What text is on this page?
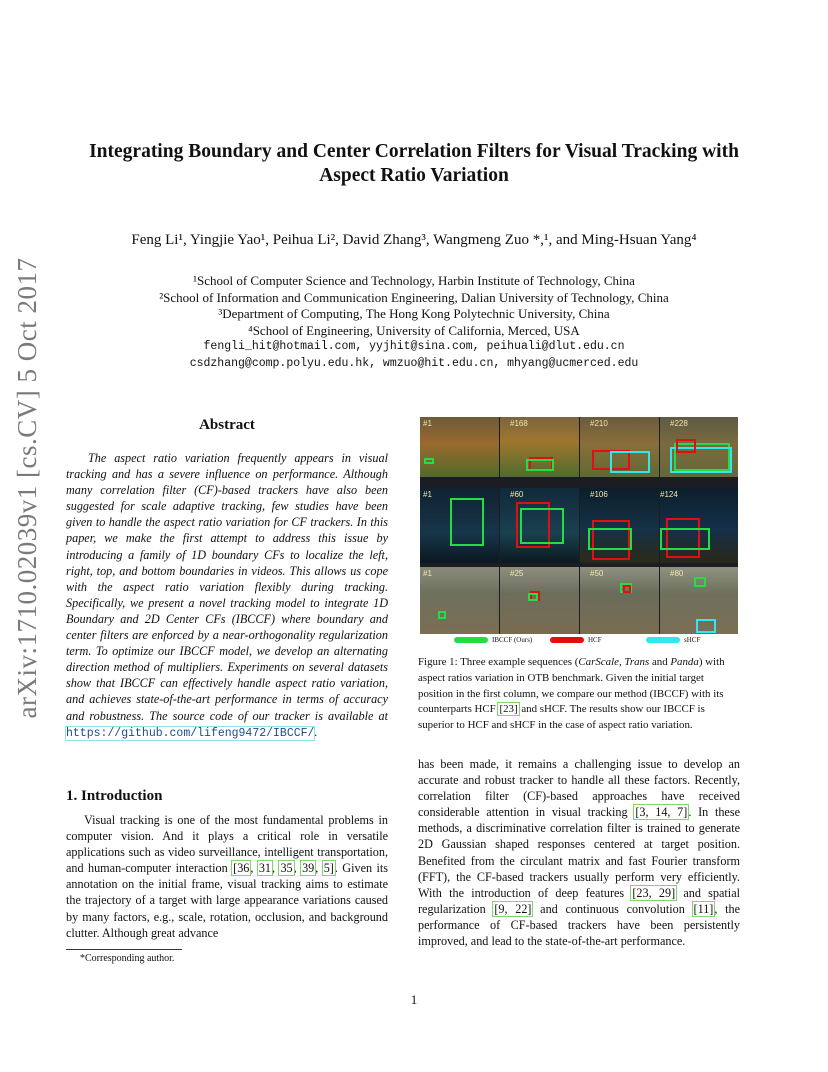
arXiv:1710.02039v1 [cs.CV] 5 Oct 2017
Integrating Boundary and Center Correlation Filters for Visual Tracking with
Aspect Ratio Variation
Feng Li¹, Yingjie Yao¹, Peihua Li², David Zhang³, Wangmeng Zuo *,¹, and Ming-Hsuan Yang⁴
¹School of Computer Science and Technology, Harbin Institute of Technology, China
²School of Information and Communication Engineering, Dalian University of Technology, China
³Department of Computing, The Hong Kong Polytechnic University, China
⁴School of Engineering, University of California, Merced, USA
fengli_hit@hotmail.com, yyjhit@sina.com, peihuali@dlut.edu.cn
csdzhang@comp.polyu.edu.hk, wmzuo@hit.edu.cn, mhyang@ucmerced.edu
Abstract
The aspect ratio variation frequently appears in visual tracking and has a severe influence on performance. Although many correlation filter (CF)-based trackers have also been suggested for scale adaptive tracking, few studies have been given to handle the aspect ratio variation for CF trackers. In this paper, we make the first attempt to address this issue by introducing a family of 1D boundary CFs to localize the left, right, top, and bottom boundaries in videos. This allows us cope with the aspect ratio variation flexibly during tracking. Specifically, we present a novel tracking model to integrate 1D Boundary and 2D Center CFs (IBCCF) where boundary and center filters are enforced by a near-orthogonality regularization term. To optimize our IBCCF model, we develop an alternating direction method of multipliers. Experiments on several datasets show that IBCCF can effectively handle aspect ratio variation, and achieves state-of-the-art performance in terms of accuracy and robustness. The source code of our tracker is available at https://github.com/lifeng9472/IBCCF/.
1. Introduction
Visual tracking is one of the most fundamental problems in computer vision. And it plays a critical role in versatile applications such as video surveillance, intelligent transportation, and human-computer interaction [36, 31, 35, 39, 5]. Given its annotation on the initial frame, visual tracking aims to estimate the trajectory of a target with large appearance variations caused by many factors, e.g., scale, rotation, occlusion, and background clutter. Although great advance
*Corresponding author.
#1	#168	#210	#228
#1	#60	#106	#124
#1	#25	#50	#80
IBCCF (Ours)	HCF	sHCF
Figure 1: Three example sequences (CarScale, Trans and Panda) with aspect ratios variation in OTB benchmark. Given the initial target position in the first column, we compare our method (IBCCF) with its counterparts HCF [23] and sHCF. The results show our IBCCF is superior to HCF and sHCF in the case of aspect ratio variation.
has been made, it remains a challenging issue to develop an accurate and robust tracker to handle all these factors. Recently, correlation filter (CF)-based approaches have received considerable attention in visual tracking [3, 14, 7]. In these methods, a discriminative correlation filter is trained to generate 2D Gaussian shaped responses centered at target position. Benefited from the circulant matrix and fast Fourier transform (FFT), the CF-based trackers usually perform very efficiently. With the introduction of deep features [23, 29] and spatial regularization [9, 22] and continuous convolution [11], the performance of CF-based trackers have been persistently improved, and lead to the state-of-the-art performance.
1
